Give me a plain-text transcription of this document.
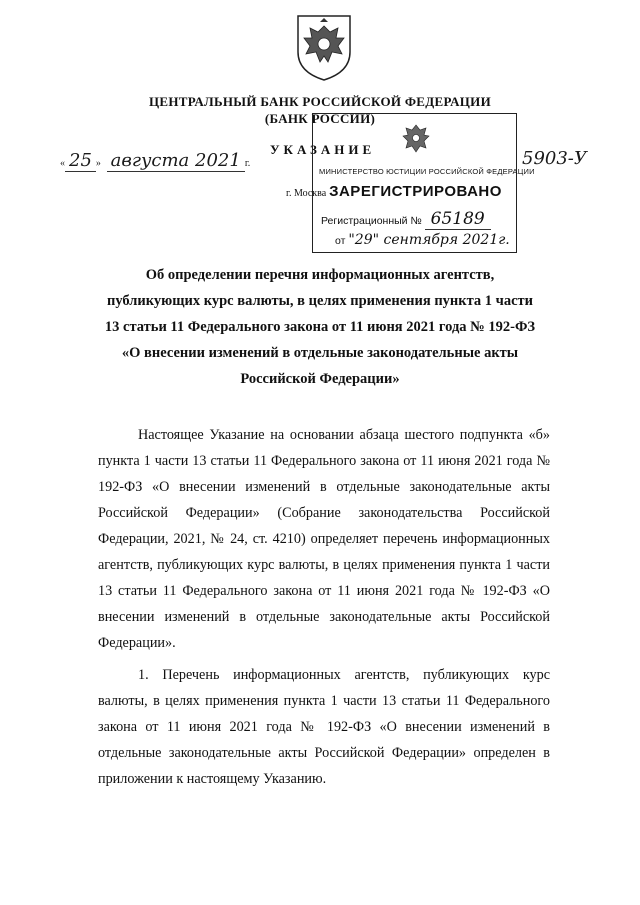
ЦЕНТРАЛЬНЫЙ БАНК РОССИЙСКОЙ ФЕДЕРАЦИИ
(БАНК РОССИИ)
УКАЗАНИЕ
« 25 » августа 2021 г.
г. Москва
5903-У
МИНИСТЕРСТВО ЮСТИЦИИ РОССИЙСКОЙ ФЕДЕРАЦИИ
ЗАРЕГИСТРИРОВАНО
Регистрационный № 65189
от "29" сентября 2021г.
Об определении перечня информационных агентств, публикующих курс валюты, в целях применения пункта 1 части 13 статьи 11 Федерального закона от 11 июня 2021 года № 192-ФЗ «О внесении изменений в отдельные законодательные акты Российской Федерации»

Настоящее Указание на основании абзаца шестого подпункта «б» пункта 1 части 13 статьи 11 Федерального закона от 11 июня 2021 года № 192-ФЗ «О внесении изменений в отдельные законодательные акты Российской Федерации» (Собрание законодательства Российской Федерации, 2021, № 24, ст. 4210) определяет перечень информационных агентств, публикующих курс валюты, в целях применения пункта 1 части 13 статьи 11 Федерального закона от 11 июня 2021 года № 192-ФЗ «О внесении изменений в отдельные законодательные акты Российской Федерации».

1. Перечень информационных агентств, публикующих курс валюты, в целях применения пункта 1 части 13 статьи 11 Федерального закона от 11 июня 2021 года № 192-ФЗ «О внесении изменений в отдельные законодательные акты Российской Федерации» определен в приложении к настоящему Указанию.
